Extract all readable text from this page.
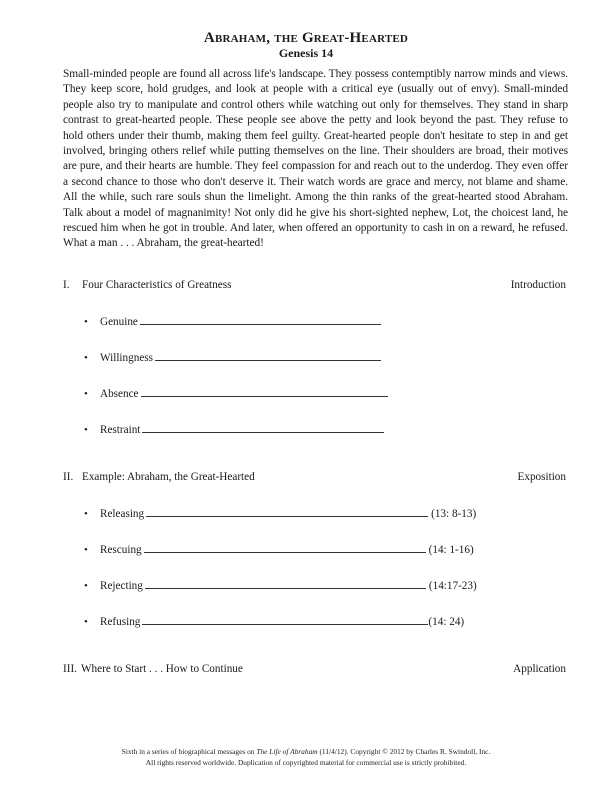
Abraham, the Great-Hearted
Genesis 14
Small-minded people are found all across life's landscape. They possess contemptibly narrow minds and views. They keep score, hold grudges, and look at people with a critical eye (usually out of envy). Small-minded people also try to manipulate and control others while watching out only for themselves. They stand in sharp contrast to great-hearted people. These people see above the petty and look beyond the past. They refuse to hold others under their thumb, making them feel guilty. Great-hearted people don't hesitate to step in and get involved, bringing others relief while putting themselves on the line. Their shoulders are broad, their motives are pure, and their hearts are humble. They feel compassion for and reach out to the underdog. They even offer a second chance to those who don't deserve it. Their watch words are grace and mercy, not blame and shame. All the while, such rare souls shun the limelight. Among the thin ranks of the great-hearted stood Abraham. Talk about a model of magnanimity! Not only did he give his short-sighted nephew, Lot, the choicest land, he rescued him when he got in trouble. And later, when offered an opportunity to cash in on a reward, he refused. What a man . . . Abraham, the great-hearted!
I. Four Characteristics of Greatness	Introduction
•	Genuine
•	Willingness
•	Absence
•	Restraint
II. Example: Abraham, the Great-Hearted	Exposition
•	Releasing	(13: 8-13)
•	Rescuing	(14: 1-16)
•	Rejecting	(14:17-23)
•	Refusing	(14: 24)
III. Where to Start . . . How to Continue	Application
Sixth in a series of biographical messages on The Life of Abraham (11/4/12). Copyright © 2012 by Charles R. Swindoll, Inc.
All rights reserved worldwide. Duplication of copyrighted material for commercial use is strictly prohibited.
